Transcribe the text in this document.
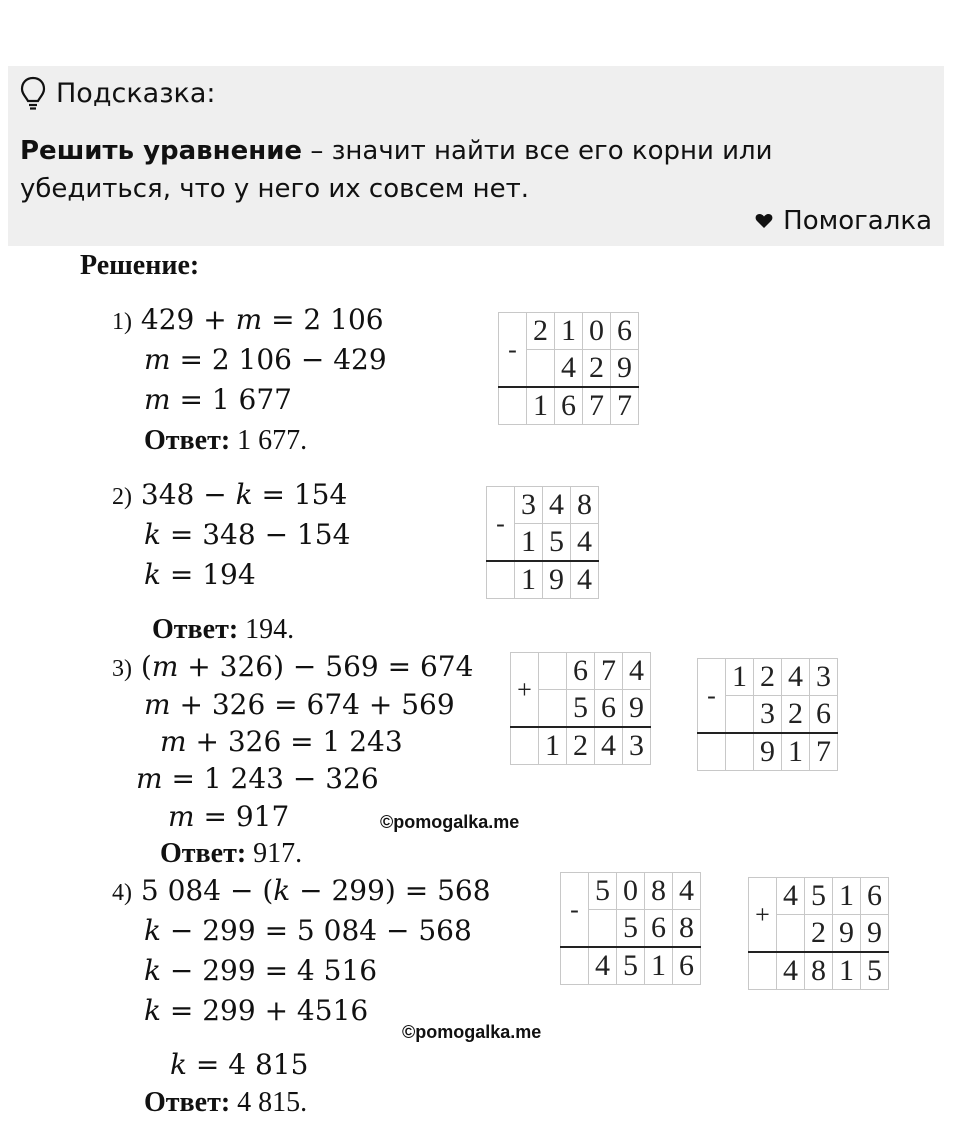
Подсказка:
Решить уравнение – значит найти все его корни или убедиться, что у него их совсем нет.
Помогалка
Решение:
1) 429 + 𝑚 = 2 106
𝑚 = 2 106 − 429
𝑚 = 1 677
Ответ: 1 677.
-	2	1	0	6
		4	2	9
	1	6	7	7
2) 348 − 𝑘 = 154
𝑘 = 348 − 154
𝑘 = 194
Ответ: 194.
-	3	4	8
	1	5	4
	1	9	4
3) (𝑚 + 326) − 569 = 674
𝑚 + 326 = 674 + 569
𝑚 + 326 = 1 243
𝑚 = 1 243 − 326
𝑚 = 917	©pomogalka.me
Ответ: 917.
+		6	7	4
		5	6	9
	1	2	4	3
-	1	2	4	3
		3	2	6
		9	1	7
4) 5 084 − (𝑘 − 299) = 568
𝑘 − 299 = 5 084 − 568
𝑘 − 299 = 4 516
𝑘 = 299 + 4516
©pomogalka.me
𝑘 = 4 815
Ответ: 4 815.
-	5	0	8	4
		5	6	8
	4	5	1	6
+	4	5	1	6
		2	9	9
	4	8	1	5
